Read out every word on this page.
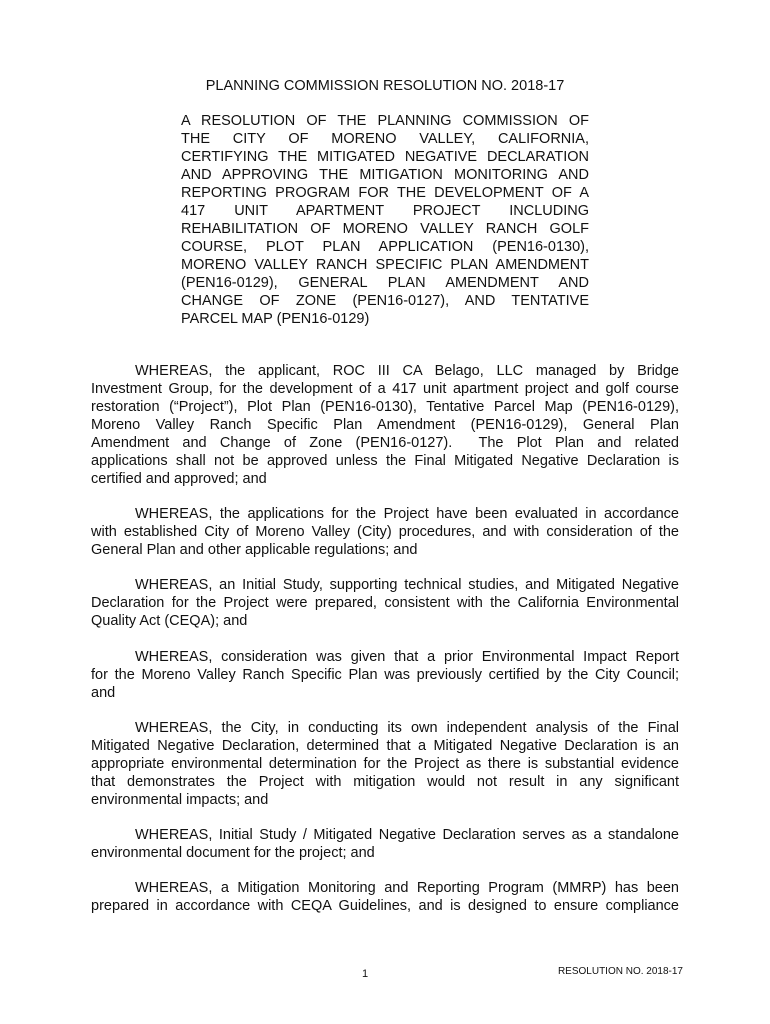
PLANNING COMMISSION RESOLUTION NO. 2018-17
A RESOLUTION OF THE PLANNING COMMISSION OF
THE CITY OF MORENO VALLEY, CALIFORNIA,
CERTIFYING THE MITIGATED NEGATIVE DECLARATION
AND APPROVING THE MITIGATION MONITORING AND
REPORTING PROGRAM FOR THE DEVELOPMENT OF A
417 UNIT APARTMENT PROJECT INCLUDING
REHABILITATION OF MORENO VALLEY RANCH GOLF
COURSE, PLOT PLAN APPLICATION (PEN16-0130),
MORENO VALLEY RANCH SPECIFIC PLAN AMENDMENT
(PEN16-0129), GENERAL PLAN AMENDMENT AND
CHANGE OF ZONE (PEN16-0127), AND TENTATIVE
PARCEL MAP (PEN16-0129)
WHEREAS, the applicant, ROC III CA Belago, LLC managed by Bridge
Investment Group, for the development of a 417 unit apartment project and golf course
restoration (“Project”), Plot Plan (PEN16-0130), Tentative Parcel Map (PEN16-0129),
Moreno Valley Ranch Specific Plan Amendment (PEN16-0129), General Plan
Amendment and Change of Zone (PEN16-0127).  The Plot Plan and related
applications shall not be approved unless the Final Mitigated Negative Declaration is
certified and approved; and
WHEREAS, the applications for the Project have been evaluated in accordance
with established City of Moreno Valley (City) procedures, and with consideration of the
General Plan and other applicable regulations; and
WHEREAS, an Initial Study, supporting technical studies, and Mitigated Negative
Declaration for the Project were prepared, consistent with the California Environmental
Quality Act (CEQA); and
WHEREAS, consideration was given that a prior Environmental Impact Report
for the Moreno Valley Ranch Specific Plan was previously certified by the City Council;
and
WHEREAS, the City, in conducting its own independent analysis of the Final
Mitigated Negative Declaration, determined that a Mitigated Negative Declaration is an
appropriate environmental determination for the Project as there is substantial evidence
that demonstrates the Project with mitigation would not result in any significant
environmental impacts; and
WHEREAS, Initial Study / Mitigated Negative Declaration serves as a standalone
environmental document for the project; and
WHEREAS, a Mitigation Monitoring and Reporting Program (MMRP) has been
prepared in accordance with CEQA Guidelines, and is designed to ensure compliance
1	RESOLUTION NO. 2018-17
